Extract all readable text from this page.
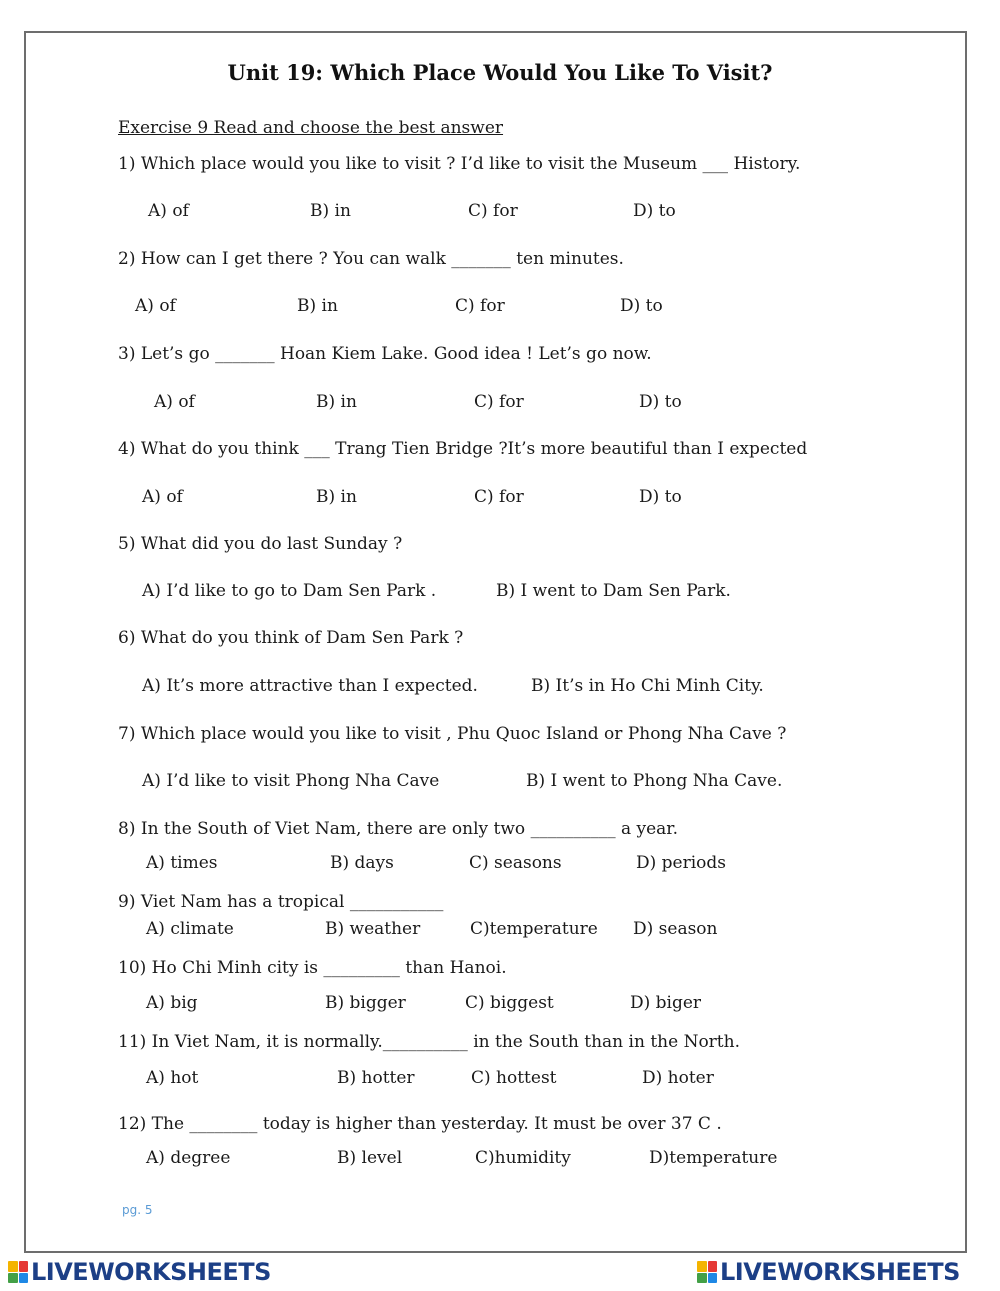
Unit 19: Which Place Would You Like To Visit?
Exercise 9 Read and choose the best answer
1) Which place would you like to visit ? I’d like to visit the Museum ___ History.
A) of	B) in	C) for	D) to
2) How can I get there ? You can walk _______ ten minutes.
A) of	B) in	C) for	D) to
3) Let’s go _______ Hoan Kiem Lake. Good idea ! Let’s go now.
A) of	B) in	C) for	D) to
4) What do you think ___ Trang Tien Bridge ?It’s more beautiful than I expected
A) of	B) in	C) for	D) to
5) What did you do last Sunday ?
A) I’d like to go to Dam Sen Park .	B) I went to Dam Sen Park.
6) What do you think of Dam Sen Park ?
A) It’s more attractive than I expected.	B) It’s in Ho Chi Minh City.
7) Which place would you like to visit , Phu Quoc Island or Phong Nha Cave ?
A) I’d like to visit Phong Nha Cave	B) I went to Phong Nha Cave.
8) In the South of Viet Nam, there are only two __________ a year.
A) times	B) days	C) seasons	D) periods
9) Viet Nam has a tropical ___________
A) climate	B) weather	C)temperature D) season
10) Ho Chi Minh city is _________ than Hanoi.
A) big	B) bigger	C) biggest	D) biger
11) In Viet Nam, it is normally.__________ in the South than in the North.
A) hot	B) hotter	C) hottest	D) hoter
12) The ________ today is higher than yesterday. It must be over 37 C .
A) degree	B) level	C)humidity	D)temperature
pg. 5
LIVEWORKSHEETS	LIVEWORKSHEETS
